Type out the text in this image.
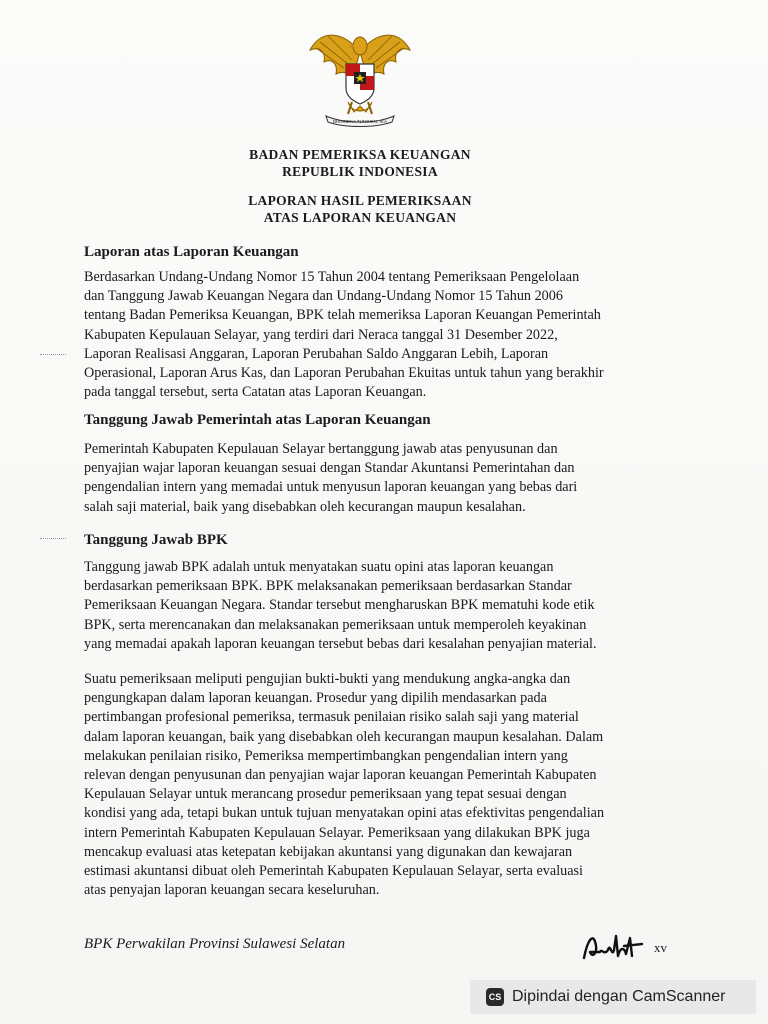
BHINNEKA TUNGGAL IKA
BADAN PEMERIKSA KEUANGAN
REPUBLIK INDONESIA
LAPORAN HASIL PEMERIKSAAN
ATAS LAPORAN KEUANGAN
Laporan atas Laporan Keuangan
Berdasarkan Undang-Undang Nomor 15 Tahun 2004 tentang Pemeriksaan Pengelolaan
dan Tanggung Jawab Keuangan Negara dan Undang-Undang Nomor 15 Tahun 2006
tentang Badan Pemeriksa Keuangan, BPK telah memeriksa Laporan Keuangan Pemerintah
Kabupaten Kepulauan Selayar, yang terdiri dari Neraca tanggal 31 Desember 2022,
Laporan Realisasi Anggaran, Laporan Perubahan Saldo Anggaran Lebih, Laporan
Operasional, Laporan Arus Kas, dan Laporan Perubahan Ekuitas untuk tahun yang berakhir
pada tanggal tersebut, serta Catatan atas Laporan Keuangan.
Tanggung Jawab Pemerintah atas Laporan Keuangan
Pemerintah Kabupaten Kepulauan Selayar bertanggung jawab atas penyusunan dan
penyajian wajar laporan keuangan sesuai dengan Standar Akuntansi Pemerintahan dan
pengendalian intern yang memadai untuk menyusun laporan keuangan yang bebas dari
salah saji material, baik yang disebabkan oleh kecurangan maupun kesalahan.
Tanggung Jawab BPK
Tanggung jawab BPK adalah untuk menyatakan suatu opini atas laporan keuangan
berdasarkan pemeriksaan BPK. BPK melaksanakan pemeriksaan berdasarkan Standar
Pemeriksaan Keuangan Negara. Standar tersebut mengharuskan BPK mematuhi kode etik
BPK, serta merencanakan dan melaksanakan pemeriksaan untuk memperoleh keyakinan
yang memadai apakah laporan keuangan tersebut bebas dari kesalahan penyajian material.
Suatu pemeriksaan meliputi pengujian bukti-bukti yang mendukung angka-angka dan
pengungkapan dalam laporan keuangan. Prosedur yang dipilih mendasarkan pada
pertimbangan profesional pemeriksa, termasuk penilaian risiko salah saji yang material
dalam laporan keuangan, baik yang disebabkan oleh kecurangan maupun kesalahan. Dalam
melakukan penilaian risiko, Pemeriksa mempertimbangkan pengendalian intern yang
relevan dengan penyusunan dan penyajian wajar laporan keuangan Pemerintah Kabupaten
Kepulauan Selayar untuk merancang prosedur pemeriksaan yang tepat sesuai dengan
kondisi yang ada, tetapi bukan untuk tujuan menyatakan opini atas efektivitas pengendalian
intern Pemerintah Kabupaten Kepulauan Selayar. Pemeriksaan yang dilakukan BPK juga
mencakup evaluasi atas ketepatan kebijakan akuntansi yang digunakan dan kewajaran
estimasi akuntansi dibuat oleh Pemerintah Kabupaten Kepulauan Selayar, serta evaluasi
atas penyajan laporan keuangan secara keseluruhan.
BPK Perwakilan Provinsi Sulawesi Selatan	xv
CS Dipindai dengan CamScanner
